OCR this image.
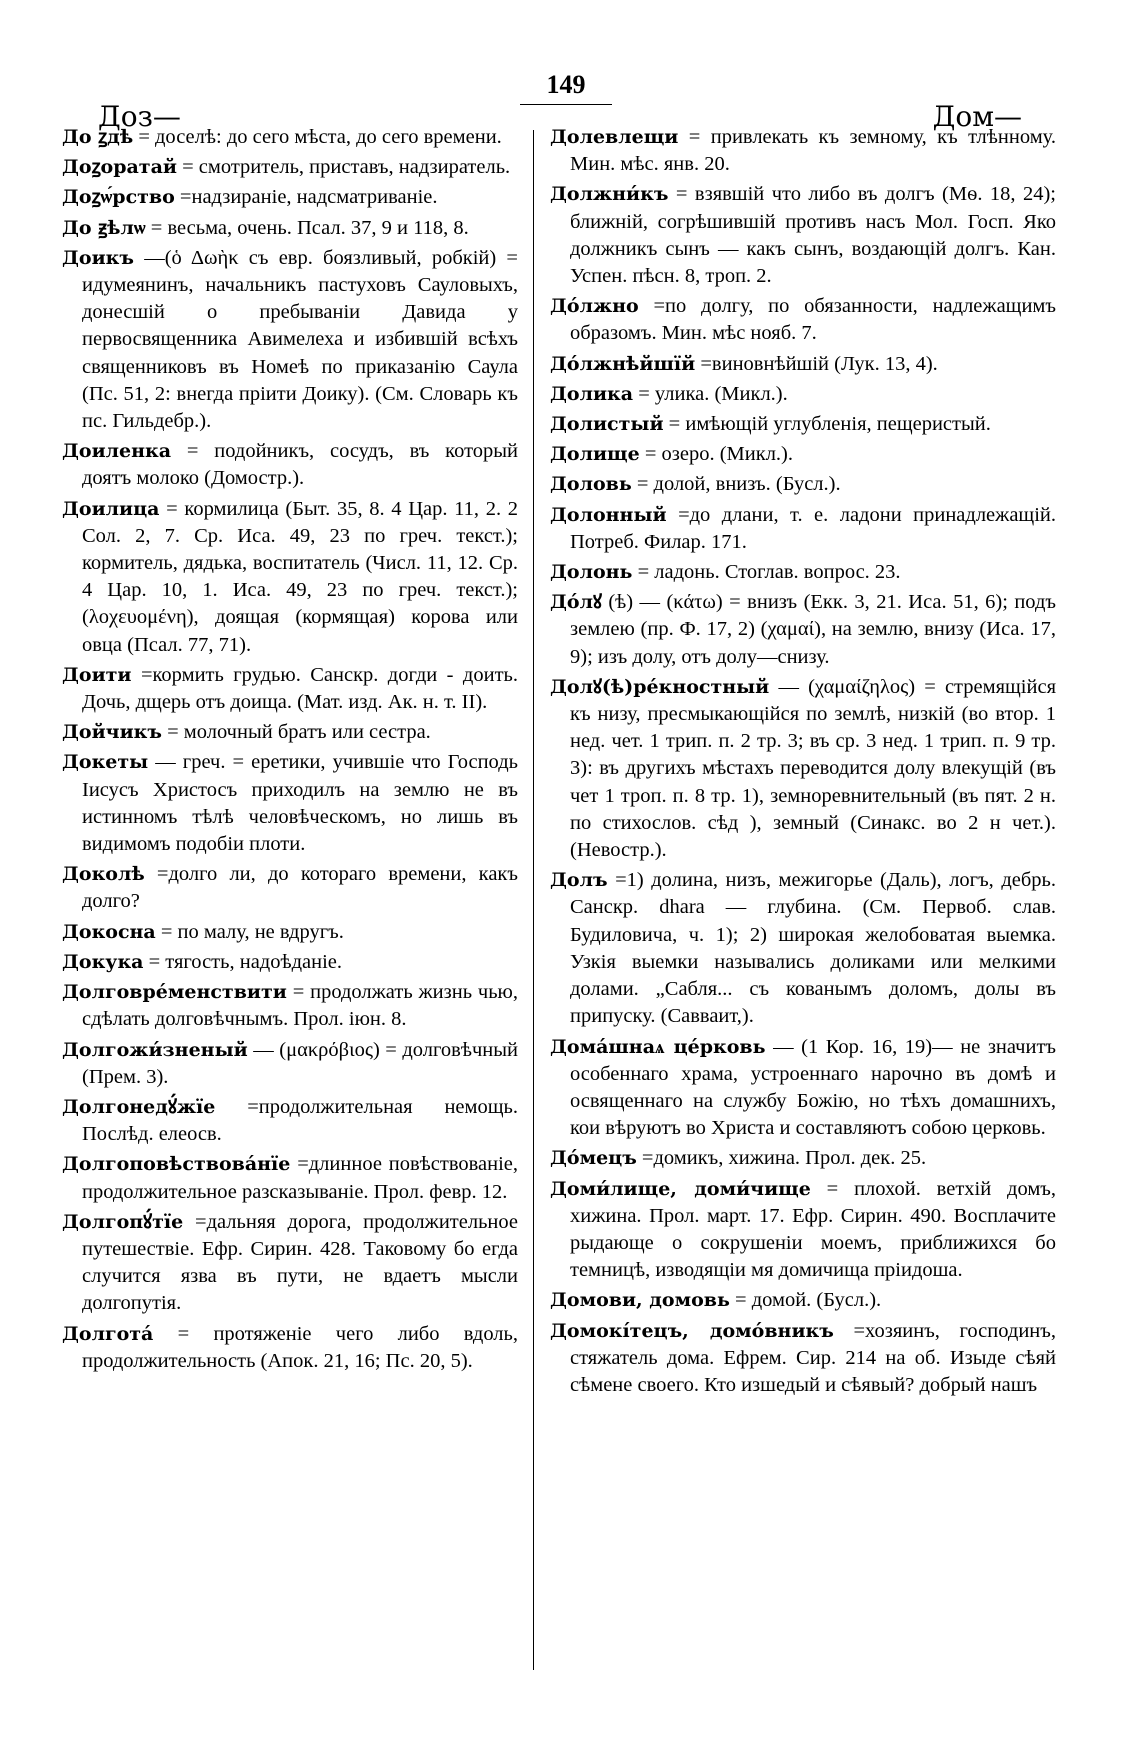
Доз—
149
Дом—

До ꙁдѣ = доселѣ: до сего мѣста, до сего времени.

Доꙁоратай = смотритель, приставъ, надзиратель.

Доꙁѡ́рство =надзираніе, надсматриваніе.

До ꙃѣлѡ = весьма, очень. Псал. 37, 9 и 118, 8.

Доикъ —(ὁ Δωὴκ съ евр. боязливый, робкій) = идумеянинъ, начальникъ пастуховъ Сауловыхъ, донесшій о пребываніи Давида у первосвященника Авимелеха и избившій всѣхъ священниковъ въ Номеѣ по приказанію Саула (Пс. 51, 2: внегда пріити Доику). (См. Словарь къ пс. Гильдебр.).

Доиленка = подойникъ, сосудъ, въ который доятъ молоко (Домостр.).

Доилица = кормилица (Быт. 35, 8. 4 Цар. 11, 2. 2 Сол. 2, 7. Ср. Иса. 49, 23 по греч. текст.); кормитель, дядька, воспитатель (Числ. 11, 12. Ср. 4 Цар. 10, 1. Иса. 49, 23 по греч. текст.); (λοχευομένη), доящая (кормящая) корова или овца (Псал. 77, 71).

Доити =кормить грудью. Санскр. догди - доить. Дочь, дщерь отъ доища. (Мат. изд. Ак. н. т. II).

Дойчикъ = молочный братъ или сестра.

Докеты — греч. = еретики, учившіе что Господь Іисусъ Христосъ приходилъ на землю не въ истинномъ тѣлѣ человѣческомъ, но лишь въ видимомъ подобіи плоти.

Доколѣ =долго ли, до котораго времени, какъ долго?

Докосна = по малу, не вдругъ.

Докука = тягость, надоѣданіе.

Долговре́менствити = продолжать жизнь чью, сдѣлать долговѣчнымъ. Прол. іюн. 8.

Долгожи́зненый — (μακρόβιος) = долговѣчный (Прем. 3).

Долгонедꙋ́жїе =продолжительная немощь. Послѣд. елеосв.

Долгоповѣствова́нїе =длинное повѣствованіе, продолжительное разсказываніе. Прол. февр. 12.

Долгопꙋ́тїе =дальняя дорога, продолжительное путешествіе. Ефр. Сирин. 428. Таковому бо егда случится язва въ пути, не вдаетъ мысли долгопутія.

Долгота́ = протяженіе чего либо вдоль, продолжительность (Апок. 21, 16; Пс. 20, 5).

Долевлещи = привлекать къ земному, къ тлѣнному. Мин. мѣс. янв. 20.

Должни́къ = взявшій что либо въ долгъ (Мѳ. 18, 24); ближній, согрѣшившій противъ насъ Мол. Госп. Яко должникъ сынъ — какъ сынъ, воздающій долгъ. Кан. Успен. пѣсн. 8, троп. 2.

До́лжно =по долгу, по обязанности, надлежащимъ образомъ. Мин. мѣс нояб. 7.

До́лжнѣйшїй =виновнѣйшій (Лук. 13, 4).

Долика = улика. (Микл.).

Долистый = имѣющій углубленія, пещеристый.

Долище = озеро. (Микл.).

Доловь = долой, внизъ. (Бусл.).

Долонный =до длани, т. е. ладони принадлежащій. Потреб. Филар. 171.

Долонь = ладонь. Стоглав. вопрос. 23.

До́лꙋ (ѣ) — (κάτω) = внизъ (Екк. 3, 21. Иса. 51, 6); подъ землею (пр. Ф. 17, 2) (χαμαί), на землю, внизу (Иса. 17, 9); изъ долу, отъ долу—снизу.

Долꙋ(ѣ)ре́кностный — (χαμαίζηλος) = стремящійся къ низу, пресмыкающійся по землѣ, низкій (во втор. 1 нед. чет. 1 трип. п. 2 тр. 3; въ ср. 3 нед. 1 трип. п. 9 тр. 3): въ другихъ мѣстахъ переводится долу влекущій (въ чет 1 троп. п. 8 тр. 1), земноревнительный (въ пят. 2 н. по стихослов. сѣд ), земный (Синакс. во 2 н чет.). (Невостр.).

Долъ =1) долина, низъ, межигорье (Даль), логъ, дебрь. Санскр. dhara — глубина. (См. Первоб. слав. Будиловича, ч. 1); 2) широкая желобоватая выемка. Узкія выемки назывались доликами или мелкими долами. „Сабля... съ кованымъ доломъ, долы въ припуску. (Савваит,).

Дома́шнаѧ це́рковь — (1 Кор. 16, 19)— не значитъ особеннаго храма, устроеннаго нарочно въ домѣ и освященнаго на службу Божію, но тѣхъ домашнихъ, кои вѣруютъ во Христа и составляютъ собою церковь.

До́мецъ =домикъ, хижина. Прол. дек. 25.

Доми́лище, доми́чище = плохой. ветхій домъ, хижина. Прол. март. 17. Ефр. Сирин. 490. Восплачите рыдающе о сокрушеніи моемъ, приближихся бо темницѣ, изводящіи мя домичища прiидоша.

Домови, домовь = домой. (Бусл.).

Домокı́тецъ, домо́вникъ =хозяинъ, господинъ, стяжатель дома. Ефрем. Сир. 214 на об. Изыде сѣяй сѣмене своего. Кто изшедый и сѣявый? добрый нашъ
